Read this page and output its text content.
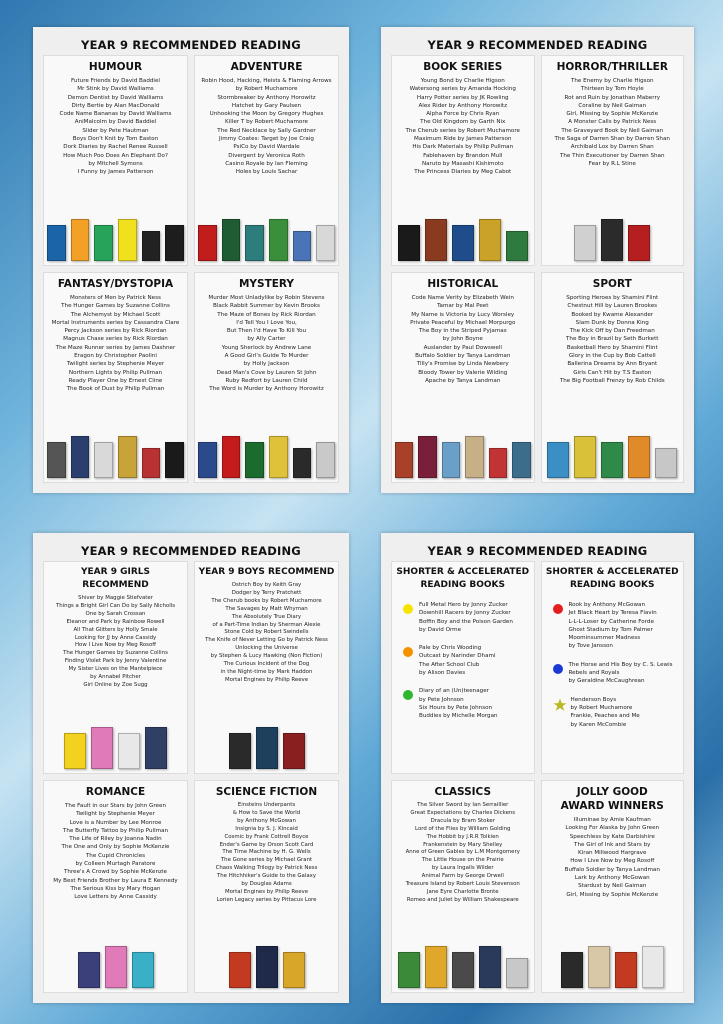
YEAR 9 RECOMMENDED READING
HUMOUR
Future Friends by David Baddiel
Mr Stink by David Walliams
Demon Dentist by David Walliams
Dirty Bertie by Alan MacDonald
Code Name Bananas by David Walliams
AniMalcolm by David Baddiel
Slider by Pete Hautman
Boys Don't Knit by Tom Easton
Dork Diaries by Rachel Renee Russell
How Much Poo Does An Elephant Do?
by Mitchell Symons
I Funny by James Patterson
ADVENTURE
Robin Hood, Hacking, Heists & Flaming Arrows
by Robert Muchamore
Stormbreaker by Anthony Horowitz
Hatchet by Gary Paulsen
Unhooking the Moon by Gregory Hughes
Killer T by Robert Muchamore
The Red Necklace by Sally Gardner
Jimmy Coates: Target by Joe Craig
PsiCo by David Wardale
Divergent by Veronica Roth
Casino Royale by Ian Fleming
Holes by Louis Sachar
FANTASY/DYSTOPIA
Monsters of Men by Patrick Ness
The Hunger Games by Suzanne Collins
The Alchemyst by Michael Scott
Mortal Instruments series by Cassandra Clare
Percy Jackson series by Rick Riordan
Magnus Chase series by Rick Riordan
The Maze Runner series by James Dashner
Eragon by Christopher Paolini
Twilight series by Stephenie Meyer
Northern Lights by Philip Pullman
Ready Player One by Ernest Cline
The Book of Dust by Philip Pullman
MYSTERY
Murder Most Unladylike by Robin Stevens
Black Rabbit Summer by Kevin Brooks
The Maze of Bones by Rick Riordan
I'd Tell You I Love You,
But Then I'd Have To Kill You
by Ally Carter
Young Sherlock by Andrew Lane
A Good Girl's Guide To Murder
by Holly Jackson
Dead Man's Cove by Lauren St John
Ruby Redfort by Lauren Child
The Word is Murder by Anthony Horowitz
YEAR 9 RECOMMENDED READING
BOOK SERIES
Young Bond by Charlie Higson
Watersong series by Amanda Hocking
Harry Potter series by JK Rowling
Alex Rider by Anthony Horowitz
Alpha Force by Chris Ryan
The Old Kingdom by Garth Nix
The Cherub series by Robert Muchamore
Maximum Ride by James Patterson
His Dark Materials by Philip Pullman
Fablehaven by Brandon Mull
Naruto by Masashi Kishimoto
The Princess Diaries by Meg Cabot
HORROR/THRILLER
The Enemy by Charlie Higson
Thirteen by Tom Hoyle
Rot and Ruin by Jonathan Maberry
Coraline by Neil Gaiman
Girl, Missing by Sophie McKenzie
A Monster Calls by Patrick Ness
The Graveyard Book by Neil Gaiman
The Saga of Darren Shan by Darren Shan
Archibald Lox by Darren Shan
The Thin Executioner by Darren Shan
Fear by R.L Stine
HISTORICAL
Code Name Verity by Elizabeth Wein
Tamar by Mal Peet
My Name is Victoria by Lucy Worsley
Private Peaceful by Michael Morpurgo
The Boy in the Striped Pyjamas
by John Boyne
Auslander by Paul Dowswell
Buffalo Soldier by Tanya Landman
Tilly's Promise by Linda Newbery
Bloody Tower by Valerie Wilding
Apache by Tanya Landman
SPORT
Sporting Heroes by Shamini Flint
Chestnut Hill by Lauren Brookes
Booked by Kwame Alexander
Slam Dunk by Donna King
The Kick Off by Dan Freedman
The Boy in Brazil by Seth Burkett
Basketball Hero by Shamini Flint
Glory in the Cup by Bob Cattell
Ballerina Dreams by Ann Bryant
Girls Can't Hit by T.S Easton
The Big Football Frenzy by Rob Childs
YEAR 9 RECOMMENDED READING
YEAR 9 GIRLS RECOMMEND
Shiver by Maggie Stiefvater
Things a Bright Girl Can Do by Sally Nicholls
One by Sarah Crossan
Eleanor and Park by Rainbow Rowell
All That Glitters by Holly Smale
Looking for JJ by Anne Cassidy
How I Live Now by Meg Rosoff
The Hunger Games by Suzanne Collins
Finding Violet Park by Jenny Valentine
My Sister Lives on the Mantelpiece
by Annabel Pitcher
Girl Online by Zoe Sugg
YEAR 9 BOYS RECOMMEND
Ostrich Boy by Keith Gray
Dodger by Terry Pratchett
The Cherub books by Robert Muchamore
The Savages by Matt Whyman
The Absolutely True Diary
of a Part-Time Indian by Sherman Alexie
Stone Cold by Robert Swindells
The Knife of Never Letting Go by Patrick Ness
Unlocking the Universe
by Stephen & Lucy Hawking (Non Fiction)
The Curious Incident of the Dog
in the Night-time by Mark Haddon
Mortal Engines by Philip Reeve
ROMANCE
The Fault in our Stars by John Green
Twilight by Stephenie Meyer
Love is a Number by Lee Monroe
The Butterfly Tattoo by Philip Pullman
The Life of Riley by Joanna Nadin
The One and Only by Sophie McKenzie
The Cupid Chronicles
by Colleen Murtagh Paratore
Three's A Crowd by Sophie McKenzie
My Best Friends Brother by Laura E Kennedy
The Serious Kiss by Mary Hogan
Love Letters by Anne Cassidy
SCIENCE FICTION
Einsteins Underpants
& How to Save the World
by Anthony McGowan
Insignia by S. J. Kincaid
Cosmic by Frank Cottrell Boyce
Ender's Game by Orson Scott Card
The Time Machine by H. G. Wells
The Gone series by Michael Grant
Chaos Walking Trilogy by Patrick Ness
The Hitchhiker's Guide to the Galaxy
by Douglas Adams
Mortal Engines by Philip Reeve
Lorien Legacy series by Pittacus Lore
YEAR 9 RECOMMENDED READING
SHORTER & ACCELERATED
READING BOOKS
Full Metal Hero by Jonny Zucker
Downhill Racers by Jonny Zucker
Boffin Boy and the Poison Garden
by David Orme
Pale by Chris Wooding
Outcast by Narinder Dhami
The After School Club
by Alison Davies
Diary of an (Un)teenager
by Pete Johnson
Six Hours by Pete Johnson
Buddies by Michelle Morgan
SHORTER & ACCELERATED
READING BOOKS
Rook by Anthony McGowan
Jet Black Heart by Teresa Flavin
L-L-L-Loser by Catherine Forde
Ghost Stadium by Tom Palmer
Moominsummer Madness
by Tove Jansson
The Horse and His Boy by C. S. Lewis
Rebels and Royals
by Geraldine McCaughrean
Henderson Boys
by Robert Muchamore
Frankie, Peaches and Me
by Karen McCombie
CLASSICS
The Silver Sword by Ian Serraillier
Great Expectations by Charles Dickens
Dracula by Bram Stoker
Lord of the Flies by William Golding
The Hobbit by J.R.R Tolkien
Frankenstein by Mary Shelley
Anne of Green Gables by L.M Montgomery
The Little House on the Prairie
by Laura Ingalls Wilder
Animal Farm by George Orwell
Treasure Island by Robert Louis Stevenson
Jane Eyre Charlotte Bronte
Romeo and Juliet by William Shakespeare
JOLLY GOOD
AWARD WINNERS
Illuminae by Amie Kaufman
Looking For Alaska by John Green
Speechless by Kate Darbishire
The Girl of Ink and Stars by
Kiran Millwood Hargrave
How I Live Now by Meg Rosoff
Buffalo Soldier by Tanya Landman
Lark by Anthony McGowan
Stardust by Neil Gaiman
Girl, Missing by Sophie McKenzie
